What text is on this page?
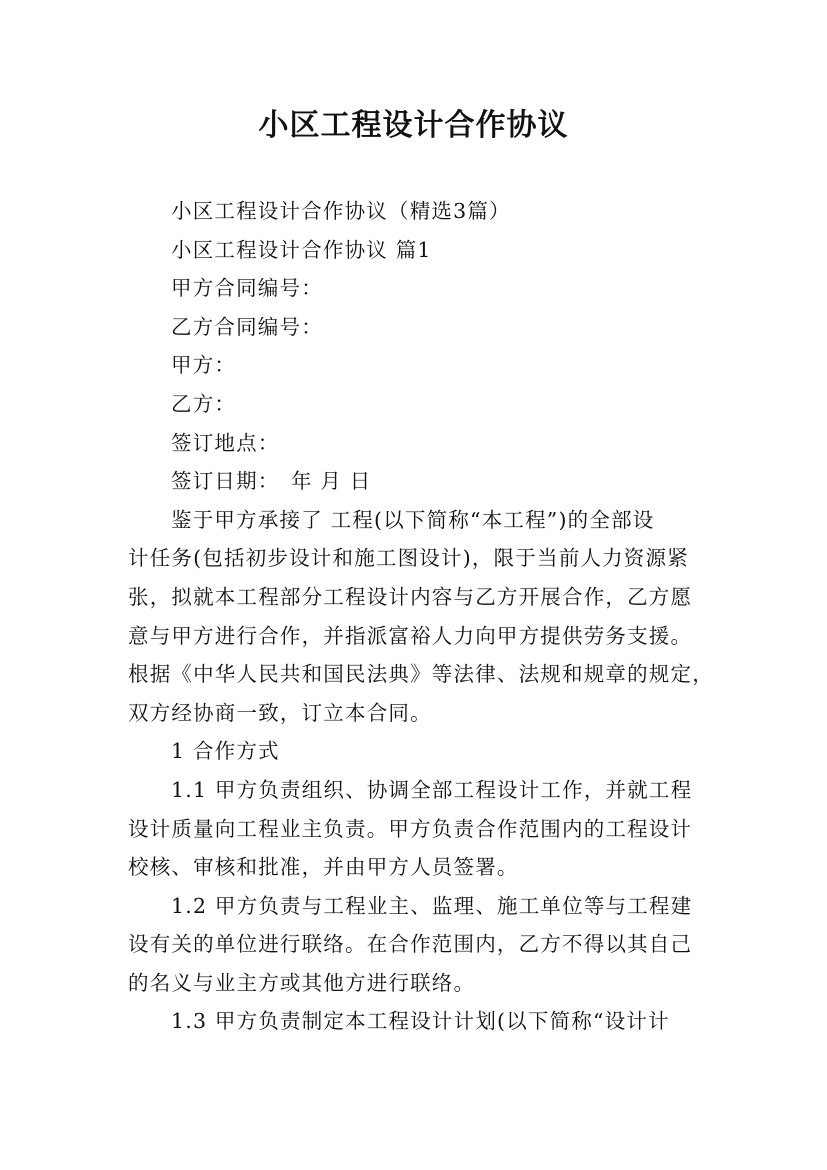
小区工程设计合作协议
小区工程设计合作协议（精选3篇）
小区工程设计合作协议 篇1
甲方合同编号：
乙方合同编号：
甲方：
乙方：
签订地点：
签订日期：　年 月 日
鉴于甲方承接了 工程(以下简称“本工程”)的全部设
计任务(包括初步设计和施工图设计)，限于当前人力资源紧
张，拟就本工程部分工程设计内容与乙方开展合作，乙方愿
意与甲方进行合作，并指派富裕人力向甲方提供劳务支援。
根据《中华人民共和国民法典》等法律、法规和规章的规定，
双方经协商一致，订立本合同。
1 合作方式
1.1 甲方负责组织、协调全部工程设计工作，并就工程
设计质量向工程业主负责。甲方负责合作范围内的工程设计
校核、审核和批准，并由甲方人员签署。
1.2 甲方负责与工程业主、监理、施工单位等与工程建
设有关的单位进行联络。在合作范围内，乙方不得以其自己
的名义与业主方或其他方进行联络。
1.3 甲方负责制定本工程设计计划(以下简称“设计计
